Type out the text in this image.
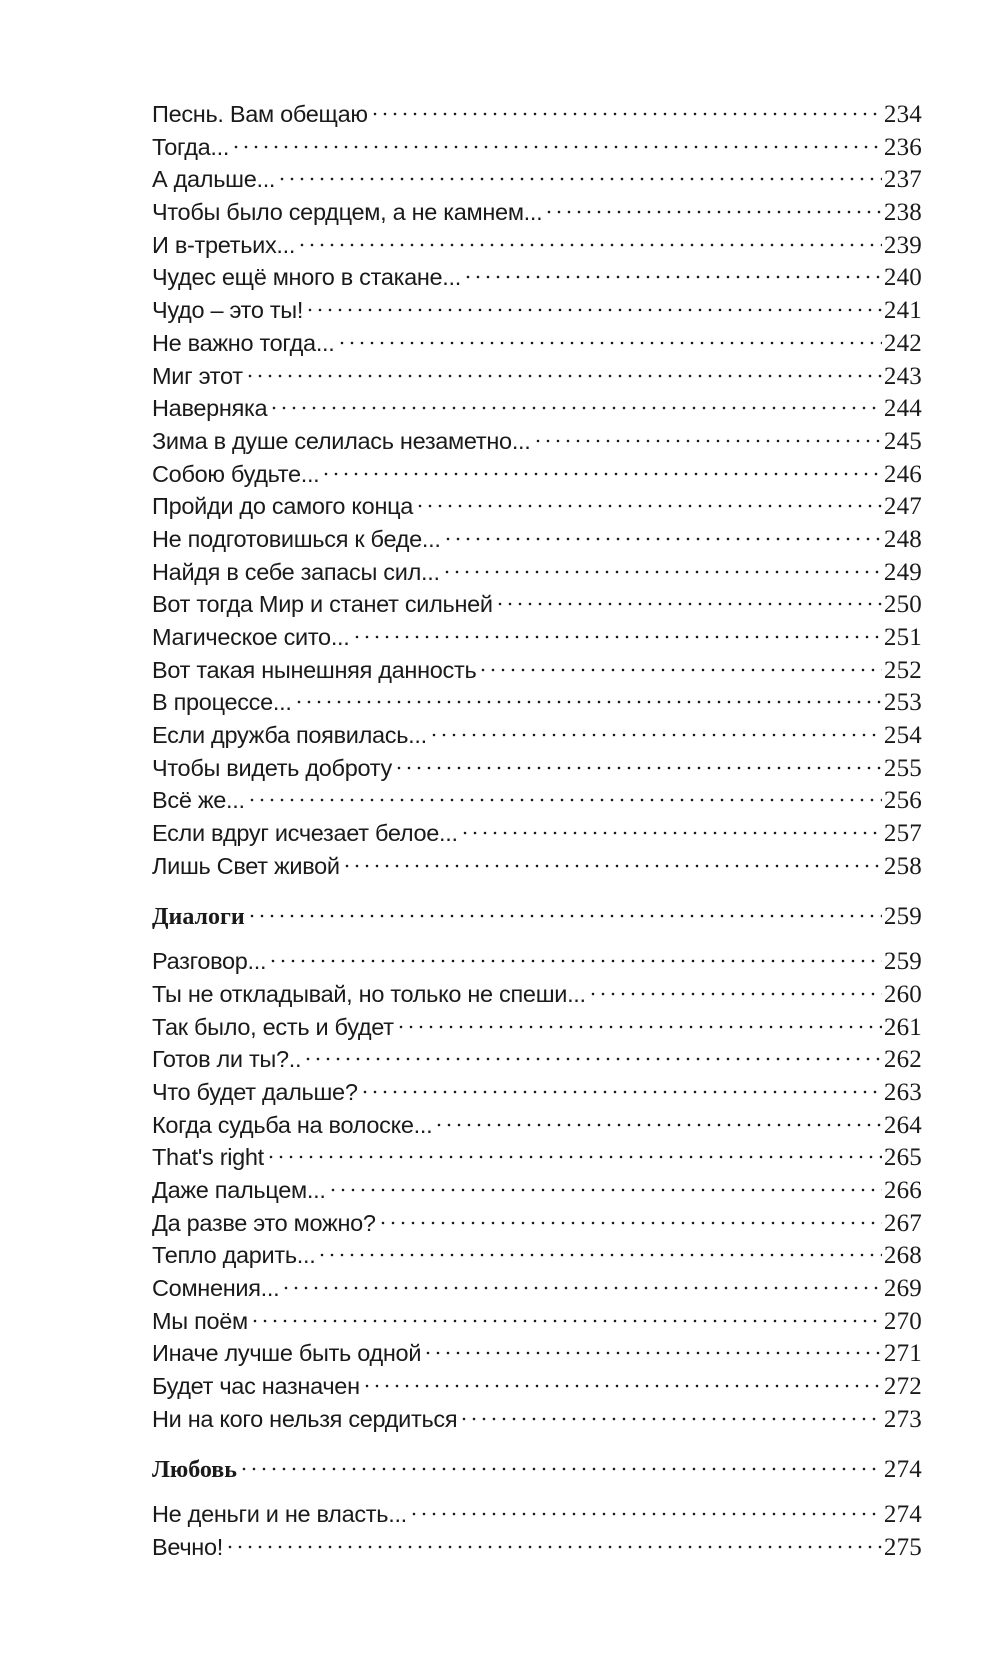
Песнь. Вам обещаю	234
Тогда...	236
А дальше...	237
Чтобы было сердцем, а не камнем...	238
И в-третьих...	239
Чудес ещё много в стакане...	240
Чудо – это ты!	241
Не важно тогда...	242
Миг этот	243
Наверняка	244
Зима в душе селилась незаметно...	245
Собою будьте...	246
Пройди до самого конца	247
Не подготовишься к беде...	248
Найдя в себе запасы сил...	249
Вот тогда Мир и станет сильней	250
Магическое сито...	251
Вот такая нынешняя данность	252
В процессе...	253
Если дружба появилась...	254
Чтобы видеть доброту	255
Всё же...	256
Если вдруг исчезает белое...	257
Лишь Свет живой	258
Диалоги	259
Разговор...	259
Ты не откладывай, но только не спеши...	260
Так было, есть и будет	261
Готов ли ты?..	262
Что будет дальше?	263
Когда судьба на волоске...	264
That's right	265
Даже пальцем...	266
Да разве это можно?	267
Тепло дарить...	268
Сомнения...	269
Мы поём	270
Иначе лучше быть одной	271
Будет час назначен	272
Ни на кого нельзя сердиться	273
Любовь	274
Не деньги и не власть...	274
Вечно!	275
